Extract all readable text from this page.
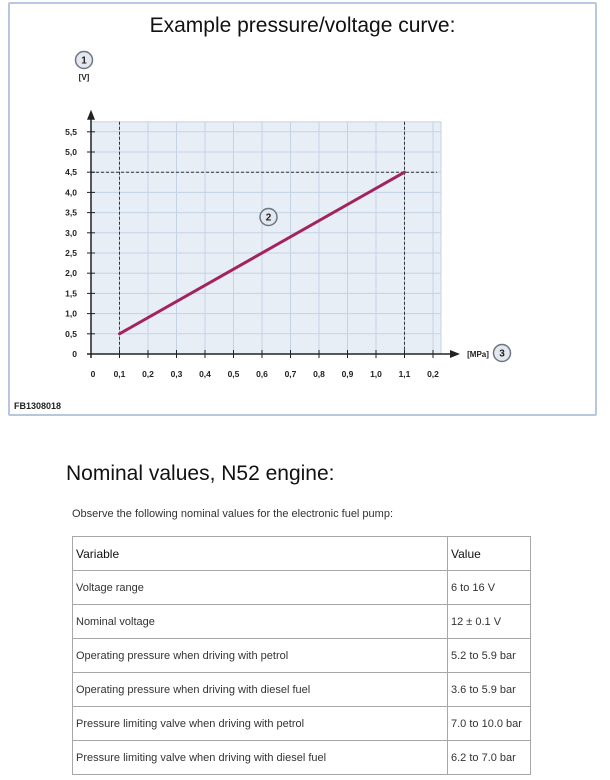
Example pressure/voltage curve:
5,5
5,0
4,5
4,0
3,5
3,0
2,5
2,0
1,5
1,0
0,5
0
0 0,1 0,2 0,3 0,4 0,5 0,6 0,7 0,8 0,9 1,0 1,1 0,2
[V]
[MPa]
1
2
3
FB1308018
Nominal values, N52 engine:

Observe the following nominal values for the electronic fuel pump:

Variable	Value
Voltage range	6 to 16 V
Nominal voltage	12 ± 0.1 V
Operating pressure when driving with petrol	5.2 to 5.9 bar
Operating pressure when driving with diesel fuel	3.6 to 5.9 bar
Pressure limiting valve when driving with petrol	7.0 to 10.0 bar
Pressure limiting valve when driving with diesel fuel	6.2 to 7.0 bar
